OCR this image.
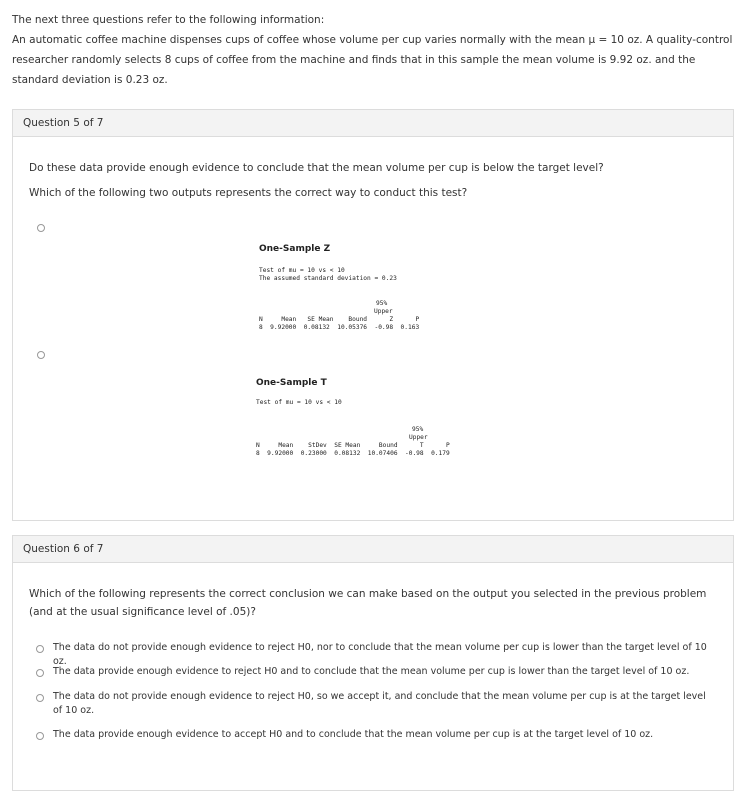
The next three questions refer to the following information:
An automatic coffee machine dispenses cups of coffee whose volume per cup varies normally with the mean μ = 10 oz. A quality-control
researcher randomly selects 8 cups of coffee from the machine and finds that in this sample the mean volume is 9.92 oz. and the
standard deviation is 0.23 oz.
Question 5 of 7
Do these data provide enough evidence to conclude that the mean volume per cup is below the target level?
Which of the following two outputs represents the correct way to conduct this test?
One-Sample Z
Test of mu = 10 vs < 10
The assumed standard deviation = 0.23
95%
Upper
N     Mean   SE Mean    Bound      Z      P
8  9.92000  0.08132  10.05376  -0.98  0.163
One-Sample T
Test of mu = 10 vs < 10
95%
Upper
N     Mean    StDev  SE Mean     Bound      T      P
8  9.92000  0.23000  0.08132  10.07406  -0.98  0.179
Question 6 of 7
Which of the following represents the correct conclusion we can make based on the output you selected in the previous problem
(and at the usual significance level of .05)?
The data do not provide enough evidence to reject H0, nor to conclude that the mean volume per cup is lower than the target level of 10 oz.
The data provide enough evidence to reject H0 and to conclude that the mean volume per cup is lower than the target level of 10 oz.
The data do not provide enough evidence to reject H0, so we accept it, and conclude that the mean volume per cup is at the target level of 10 oz.
The data provide enough evidence to accept H0 and to conclude that the mean volume per cup is at the target level of 10 oz.
